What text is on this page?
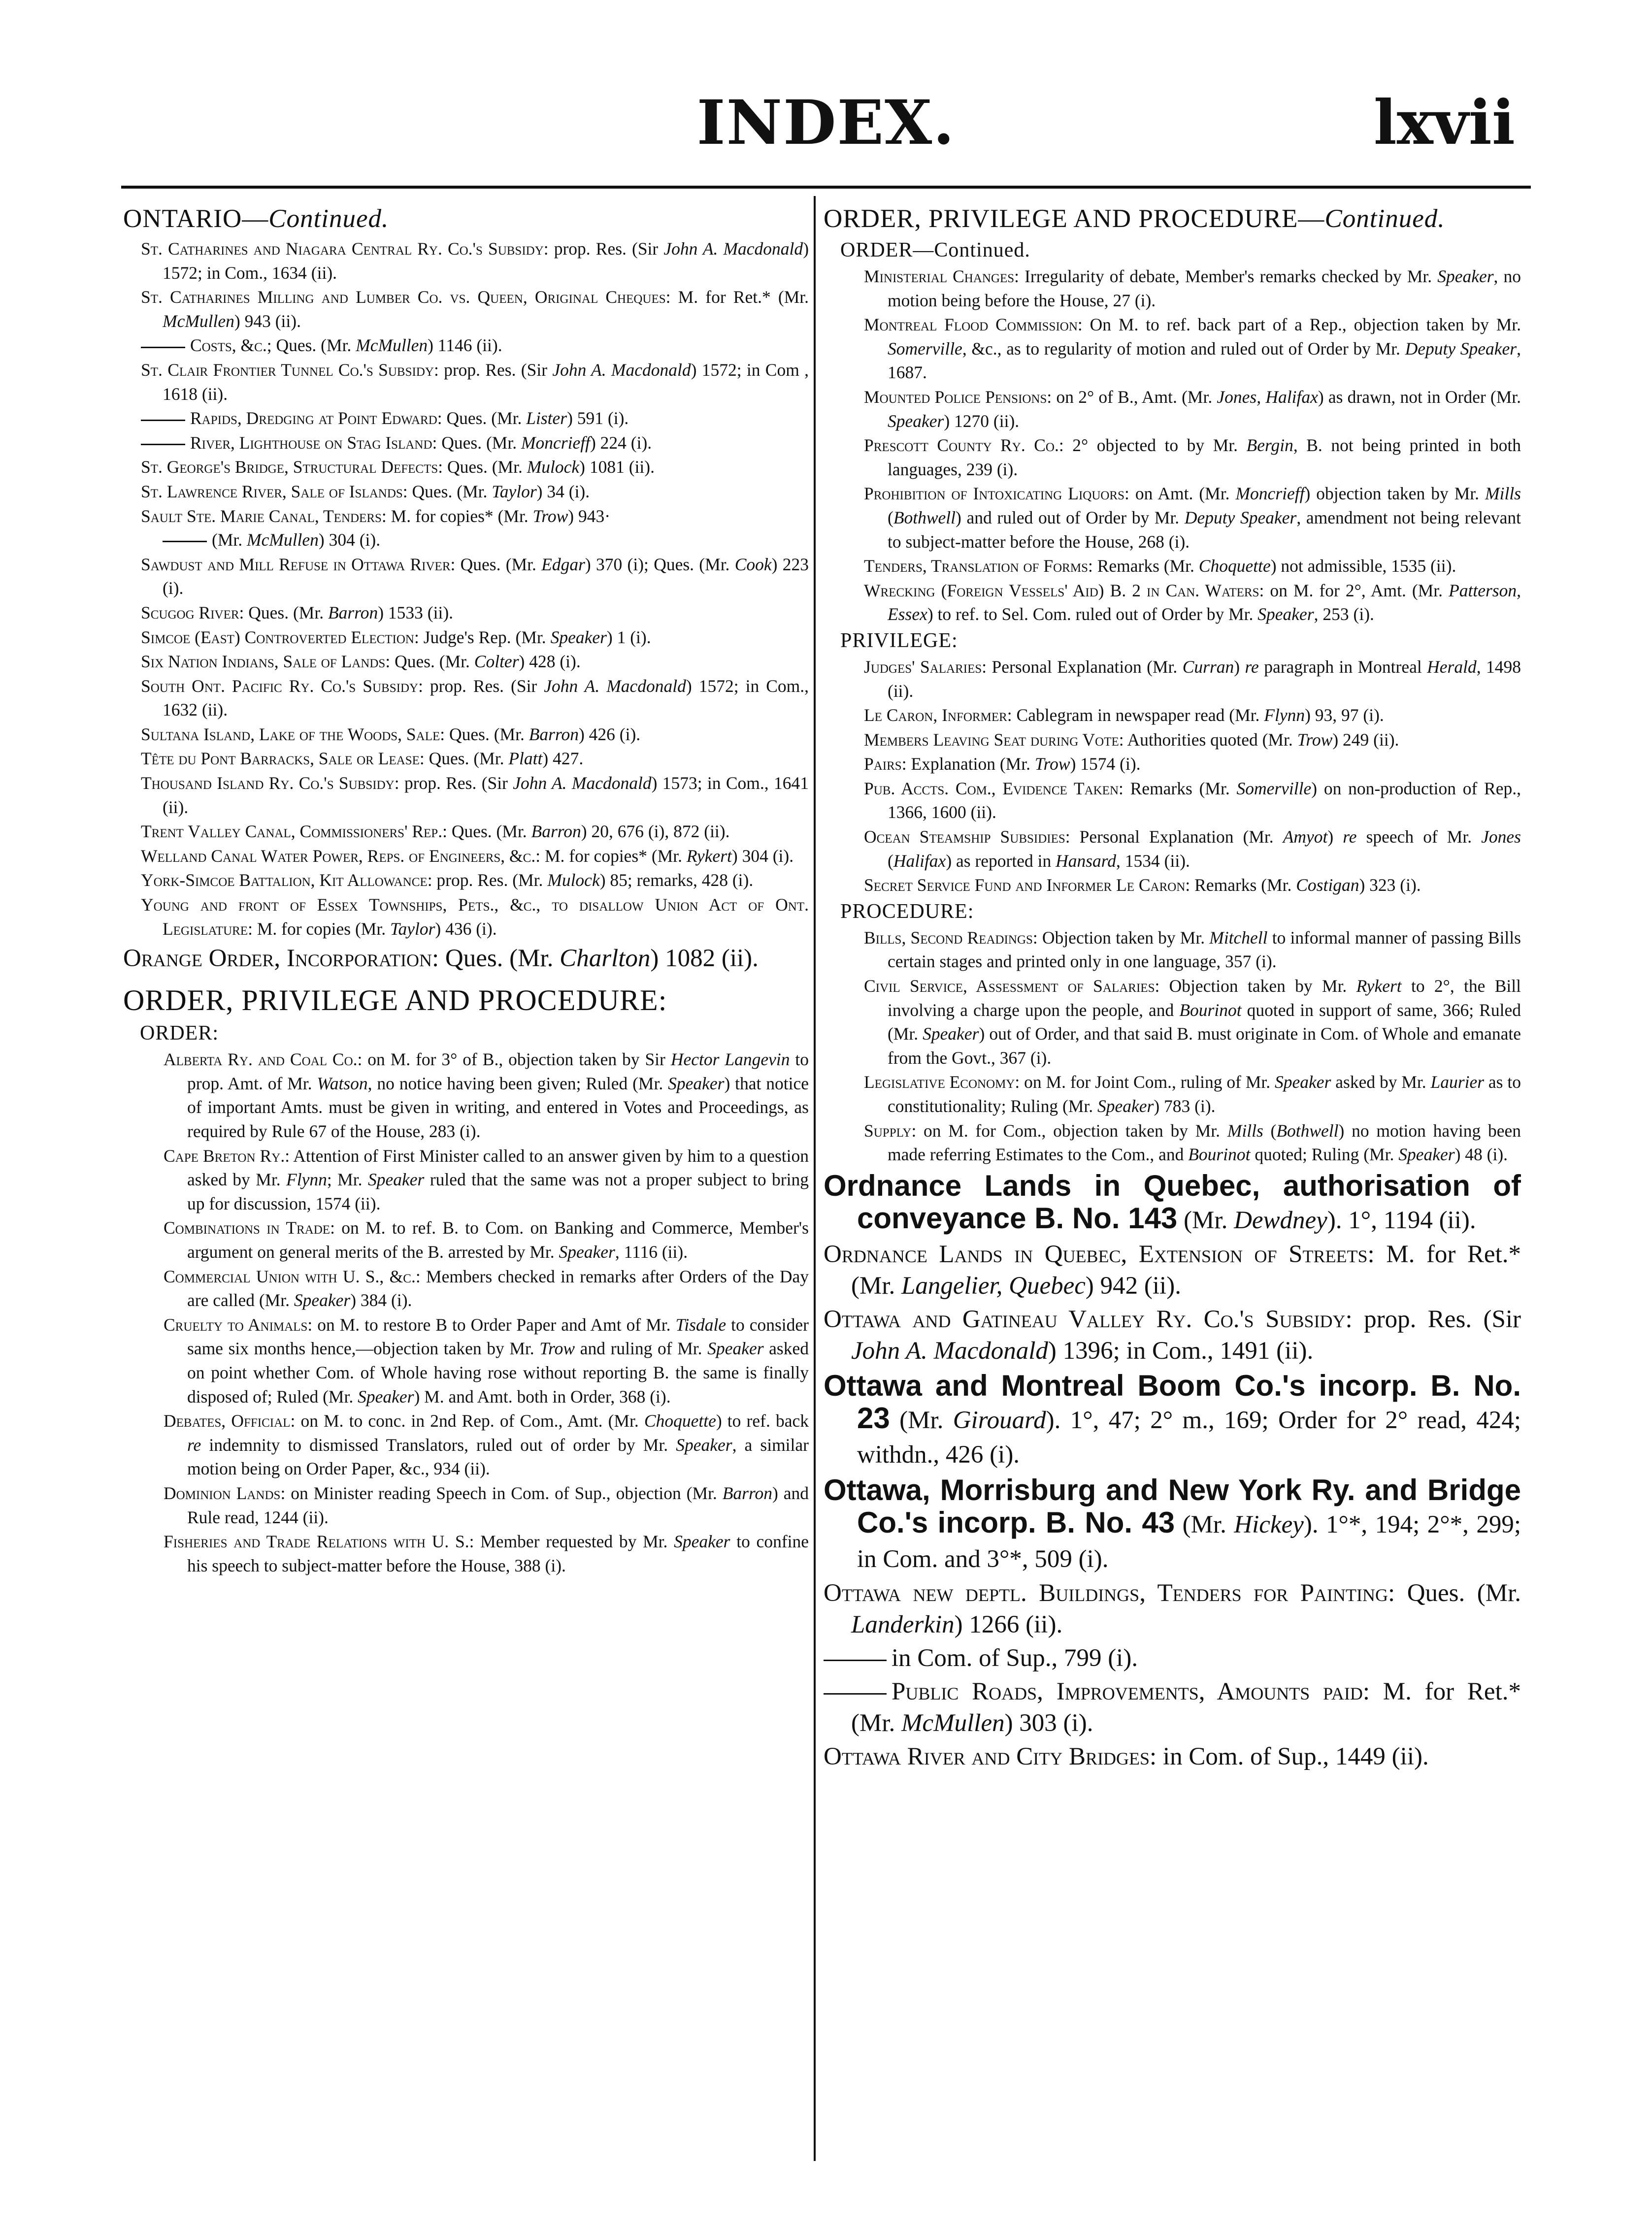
INDEX.	lxvii
ONTARIO—Continued.
St. Catharines and Niagara Central Ry. Co.'s Subsidy: prop. Res. (Sir John A. Macdonald) 1572; in Com., 1634 (ii).
St. Catharines Milling and Lumber Co. vs. Queen, Original Cheques: M. for Ret.* (Mr. McMullen) 943 (ii).
Costs, &c.; Ques. (Mr. McMullen) 1146 (ii).
St. Clair Frontier Tunnel Co.'s Subsidy: prop. Res. (Sir John A. Macdonald) 1572; in Com , 1618 (ii).
Rapids, Dredging at Point Edward: Ques. (Mr. Lister) 591 (i).
River, Lighthouse on Stag Island: Ques. (Mr. Moncrieff) 224 (i).
St. George's Bridge, Structural Defects: Ques. (Mr. Mulock) 1081 (ii).
St. Lawrence River, Sale of Islands: Ques. (Mr. Taylor) 34 (i).
Sault Ste. Marie Canal, Tenders: M. for copies* (Mr. Trow) 943·
(Mr. McMullen) 304 (i).
Sawdust and Mill Refuse in Ottawa River: Ques. (Mr. Edgar) 370 (i); Ques. (Mr. Cook) 223 (i).
Scugog River: Ques. (Mr. Barron) 1533 (ii).
Simcoe (East) Controverted Election: Judge's Rep. (Mr. Speaker) 1 (i).
Six Nation Indians, Sale of Lands: Ques. (Mr. Colter) 428 (i).
South Ont. Pacific Ry. Co.'s Subsidy: prop. Res. (Sir John A. Macdonald) 1572; in Com., 1632 (ii).
Sultana Island, Lake of the Woods, Sale: Ques. (Mr. Barron) 426 (i).
Tête du Pont Barracks, Sale or Lease: Ques. (Mr. Platt) 427.
Thousand Island Ry. Co.'s Subsidy: prop. Res. (Sir John A. Macdonald) 1573; in Com., 1641 (ii).
Trent Valley Canal, Commissioners' Rep.: Ques. (Mr. Barron) 20, 676 (i), 872 (ii).
Welland Canal Water Power, Reps. of Engineers, &c.: M. for copies* (Mr. Rykert) 304 (i).
York-Simcoe Battalion, Kit Allowance: prop. Res. (Mr. Mulock) 85; remarks, 428 (i).
Young and front of Essex Townships, Pets., &c., to disallow Union Act of Ont. Legislature: M. for copies (Mr. Taylor) 436 (i).
Orange Order, Incorporation: Ques. (Mr. Charlton) 1082 (ii).
ORDER, PRIVILEGE AND PROCEDURE:
ORDER:
Alberta Ry. and Coal Co.: on M. for 3° of B., objection taken by Sir Hector Langevin to prop. Amt. of Mr. Watson, no notice having been given; Ruled (Mr. Speaker) that notice of important Amts. must be given in writing, and entered in Votes and Proceedings, as required by Rule 67 of the House, 283 (i).
Cape Breton Ry.: Attention of First Minister called to an answer given by him to a question asked by Mr. Flynn; Mr. Speaker ruled that the same was not a proper subject to bring up for discussion, 1574 (ii).
Combinations in Trade: on M. to ref. B. to Com. on Banking and Commerce, Member's argument on general merits of the B. arrested by Mr. Speaker, 1116 (ii).
Commercial Union with U. S., &c.: Members checked in remarks after Orders of the Day are called (Mr. Speaker) 384 (i).
Cruelty to Animals: on M. to restore B to Order Paper and Amt of Mr. Tisdale to consider same six months hence,—objection taken by Mr. Trow and ruling of Mr. Speaker asked on point whether Com. of Whole having rose without reporting B. the same is finally disposed of; Ruled (Mr. Speaker) M. and Amt. both in Order, 368 (i).
Debates, Official: on M. to conc. in 2nd Rep. of Com., Amt. (Mr. Choquette) to ref. back re indemnity to dismissed Translators, ruled out of order by Mr. Speaker, a similar motion being on Order Paper, &c., 934 (ii).
Dominion Lands: on Minister reading Speech in Com. of Sup., objection (Mr. Barron) and Rule read, 1244 (ii).
Fisheries and Trade Relations with U. S.: Member requested by Mr. Speaker to confine his speech to subject-matter before the House, 388 (i).
ORDER, PRIVILEGE AND PROCEDURE—Continued.
ORDER—Continued.
Ministerial Changes: Irregularity of debate, Member's remarks checked by Mr. Speaker, no motion being before the House, 27 (i).
Montreal Flood Commission: On M. to ref. back part of a Rep., objection taken by Mr. Somerville, &c., as to regularity of motion and ruled out of Order by Mr. Deputy Speaker, 1687.
Mounted Police Pensions: on 2° of B., Amt. (Mr. Jones, Halifax) as drawn, not in Order (Mr. Speaker) 1270 (ii).
Prescott County Ry. Co.: 2° objected to by Mr. Bergin, B. not being printed in both languages, 239 (i).
Prohibition of Intoxicating Liquors: on Amt. (Mr. Moncrieff) objection taken by Mr. Mills (Bothwell) and ruled out of Order by Mr. Deputy Speaker, amendment not being relevant to subject-matter before the House, 268 (i).
Tenders, Translation of Forms: Remarks (Mr. Choquette) not admissible, 1535 (ii).
Wrecking (Foreign Vessels' Aid) B. 2 in Can. Waters: on M. for 2°, Amt. (Mr. Patterson, Essex) to ref. to Sel. Com. ruled out of Order by Mr. Speaker, 253 (i).
PRIVILEGE:
Judges' Salaries: Personal Explanation (Mr. Curran) re paragraph in Montreal Herald, 1498 (ii).
Le Caron, Informer: Cablegram in newspaper read (Mr. Flynn) 93, 97 (i).
Members Leaving Seat during Vote: Authorities quoted (Mr. Trow) 249 (ii).
Pairs: Explanation (Mr. Trow) 1574 (i).
Pub. Accts. Com., Evidence Taken: Remarks (Mr. Somerville) on non-production of Rep., 1366, 1600 (ii).
Ocean Steamship Subsidies: Personal Explanation (Mr. Amyot) re speech of Mr. Jones (Halifax) as reported in Hansard, 1534 (ii).
Secret Service Fund and Informer Le Caron: Remarks (Mr. Costigan) 323 (i).
PROCEDURE:
Bills, Second Readings: Objection taken by Mr. Mitchell to informal manner of passing Bills certain stages and printed only in one language, 357 (i).
Civil Service, Assessment of Salaries: Objection taken by Mr. Rykert to 2°, the Bill involving a charge upon the people, and Bourinot quoted in support of same, 366; Ruled (Mr. Speaker) out of Order, and that said B. must originate in Com. of Whole and emanate from the Govt., 367 (i).
Legislative Economy: on M. for Joint Com., ruling of Mr. Speaker asked by Mr. Laurier as to constitutionality; Ruling (Mr. Speaker) 783 (i).
Supply: on M. for Com., objection taken by Mr. Mills (Bothwell) no motion having been made referring Estimates to the Com., and Bourinot quoted; Ruling (Mr. Speaker) 48 (i).
Ordnance Lands in Quebec, authorisation of conveyance B. No. 143 (Mr. Dewdney). 1°, 1194 (ii).
Ordnance Lands in Quebec, Extension of Streets: M. for Ret.* (Mr. Langelier, Quebec) 942 (ii).
Ottawa and Gatineau Valley Ry. Co.'s Subsidy: prop. Res. (Sir John A. Macdonald) 1396; in Com., 1491 (ii).
Ottawa and Montreal Boom Co.'s incorp. B. No. 23 (Mr. Girouard). 1°, 47; 2° m., 169; Order for 2° read, 424; withdn., 426 (i).
Ottawa, Morrisburg and New York Ry. and Bridge Co.'s incorp. B. No. 43 (Mr. Hickey). 1°*, 194; 2°*, 299; in Com. and 3°*, 509 (i).
Ottawa new deptl. Buildings, Tenders for Painting: Ques. (Mr. Landerkin) 1266 (ii).
in Com. of Sup., 799 (i).
Public Roads, Improvements, Amounts paid: M. for Ret.* (Mr. McMullen) 303 (i).
Ottawa River and City Bridges: in Com. of Sup., 1449 (ii).
